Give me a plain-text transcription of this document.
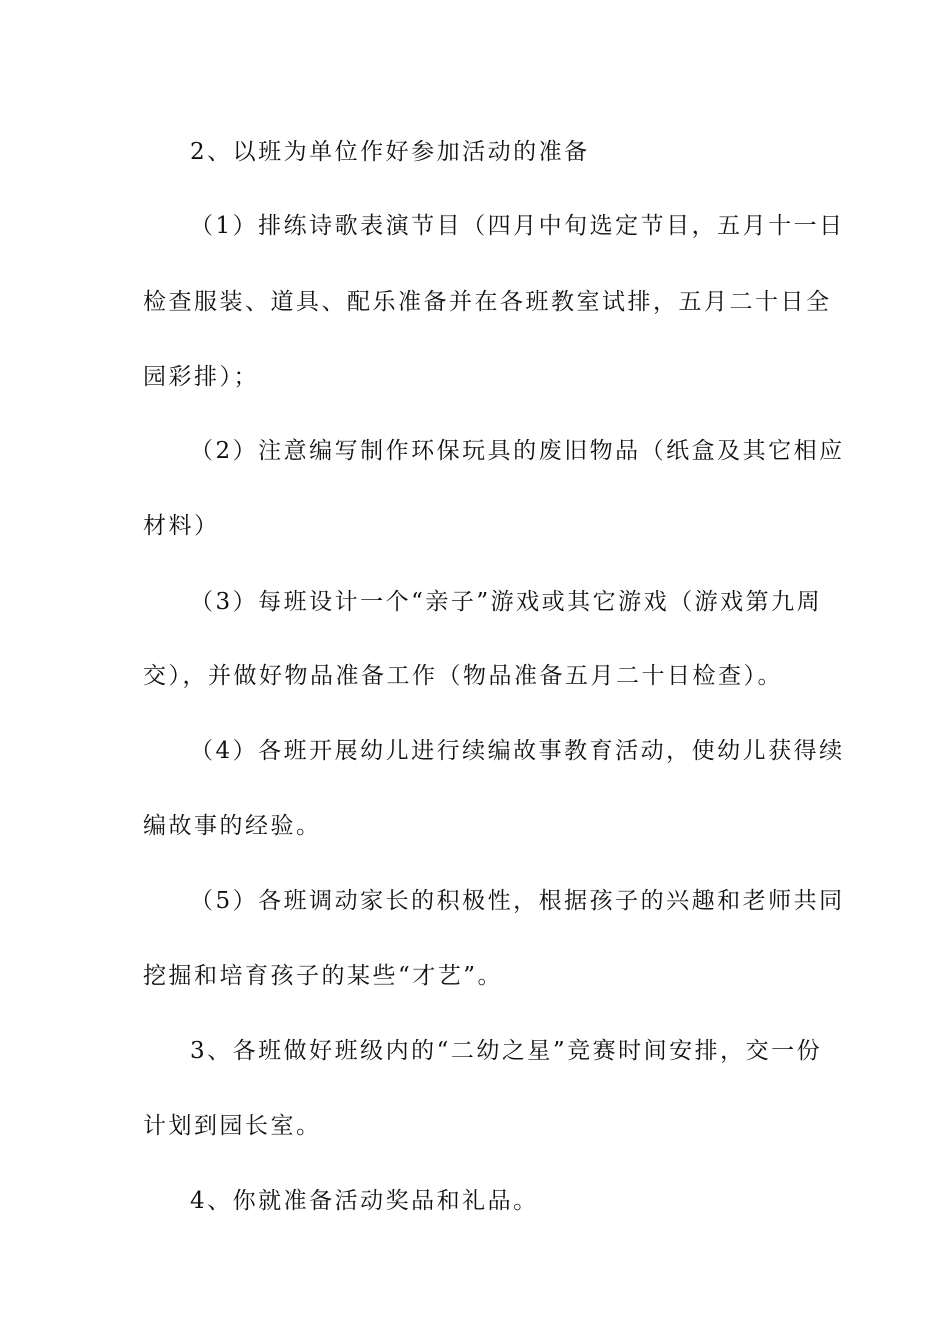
2、以班为单位作好参加活动的准备
（1）排练诗歌表演节目（四月中旬选定节目，五月十一日
检查服装、道具、配乐准备并在各班教室试排，五月二十日全
园彩排）；
（2）注意编写制作环保玩具的废旧物品（纸盒及其它相应
材料）
（3）每班设计一个“亲子”游戏或其它游戏（游戏第九周
交），并做好物品准备工作（物品准备五月二十日检查）。
（4）各班开展幼儿进行续编故事教育活动，使幼儿获得续
编故事的经验。
（5）各班调动家长的积极性，根据孩子的兴趣和老师共同
挖掘和培育孩子的某些“才艺”。
3、各班做好班级内的“二幼之星”竞赛时间安排，交一份
计划到园长室。
4、你就准备活动奖品和礼品。
